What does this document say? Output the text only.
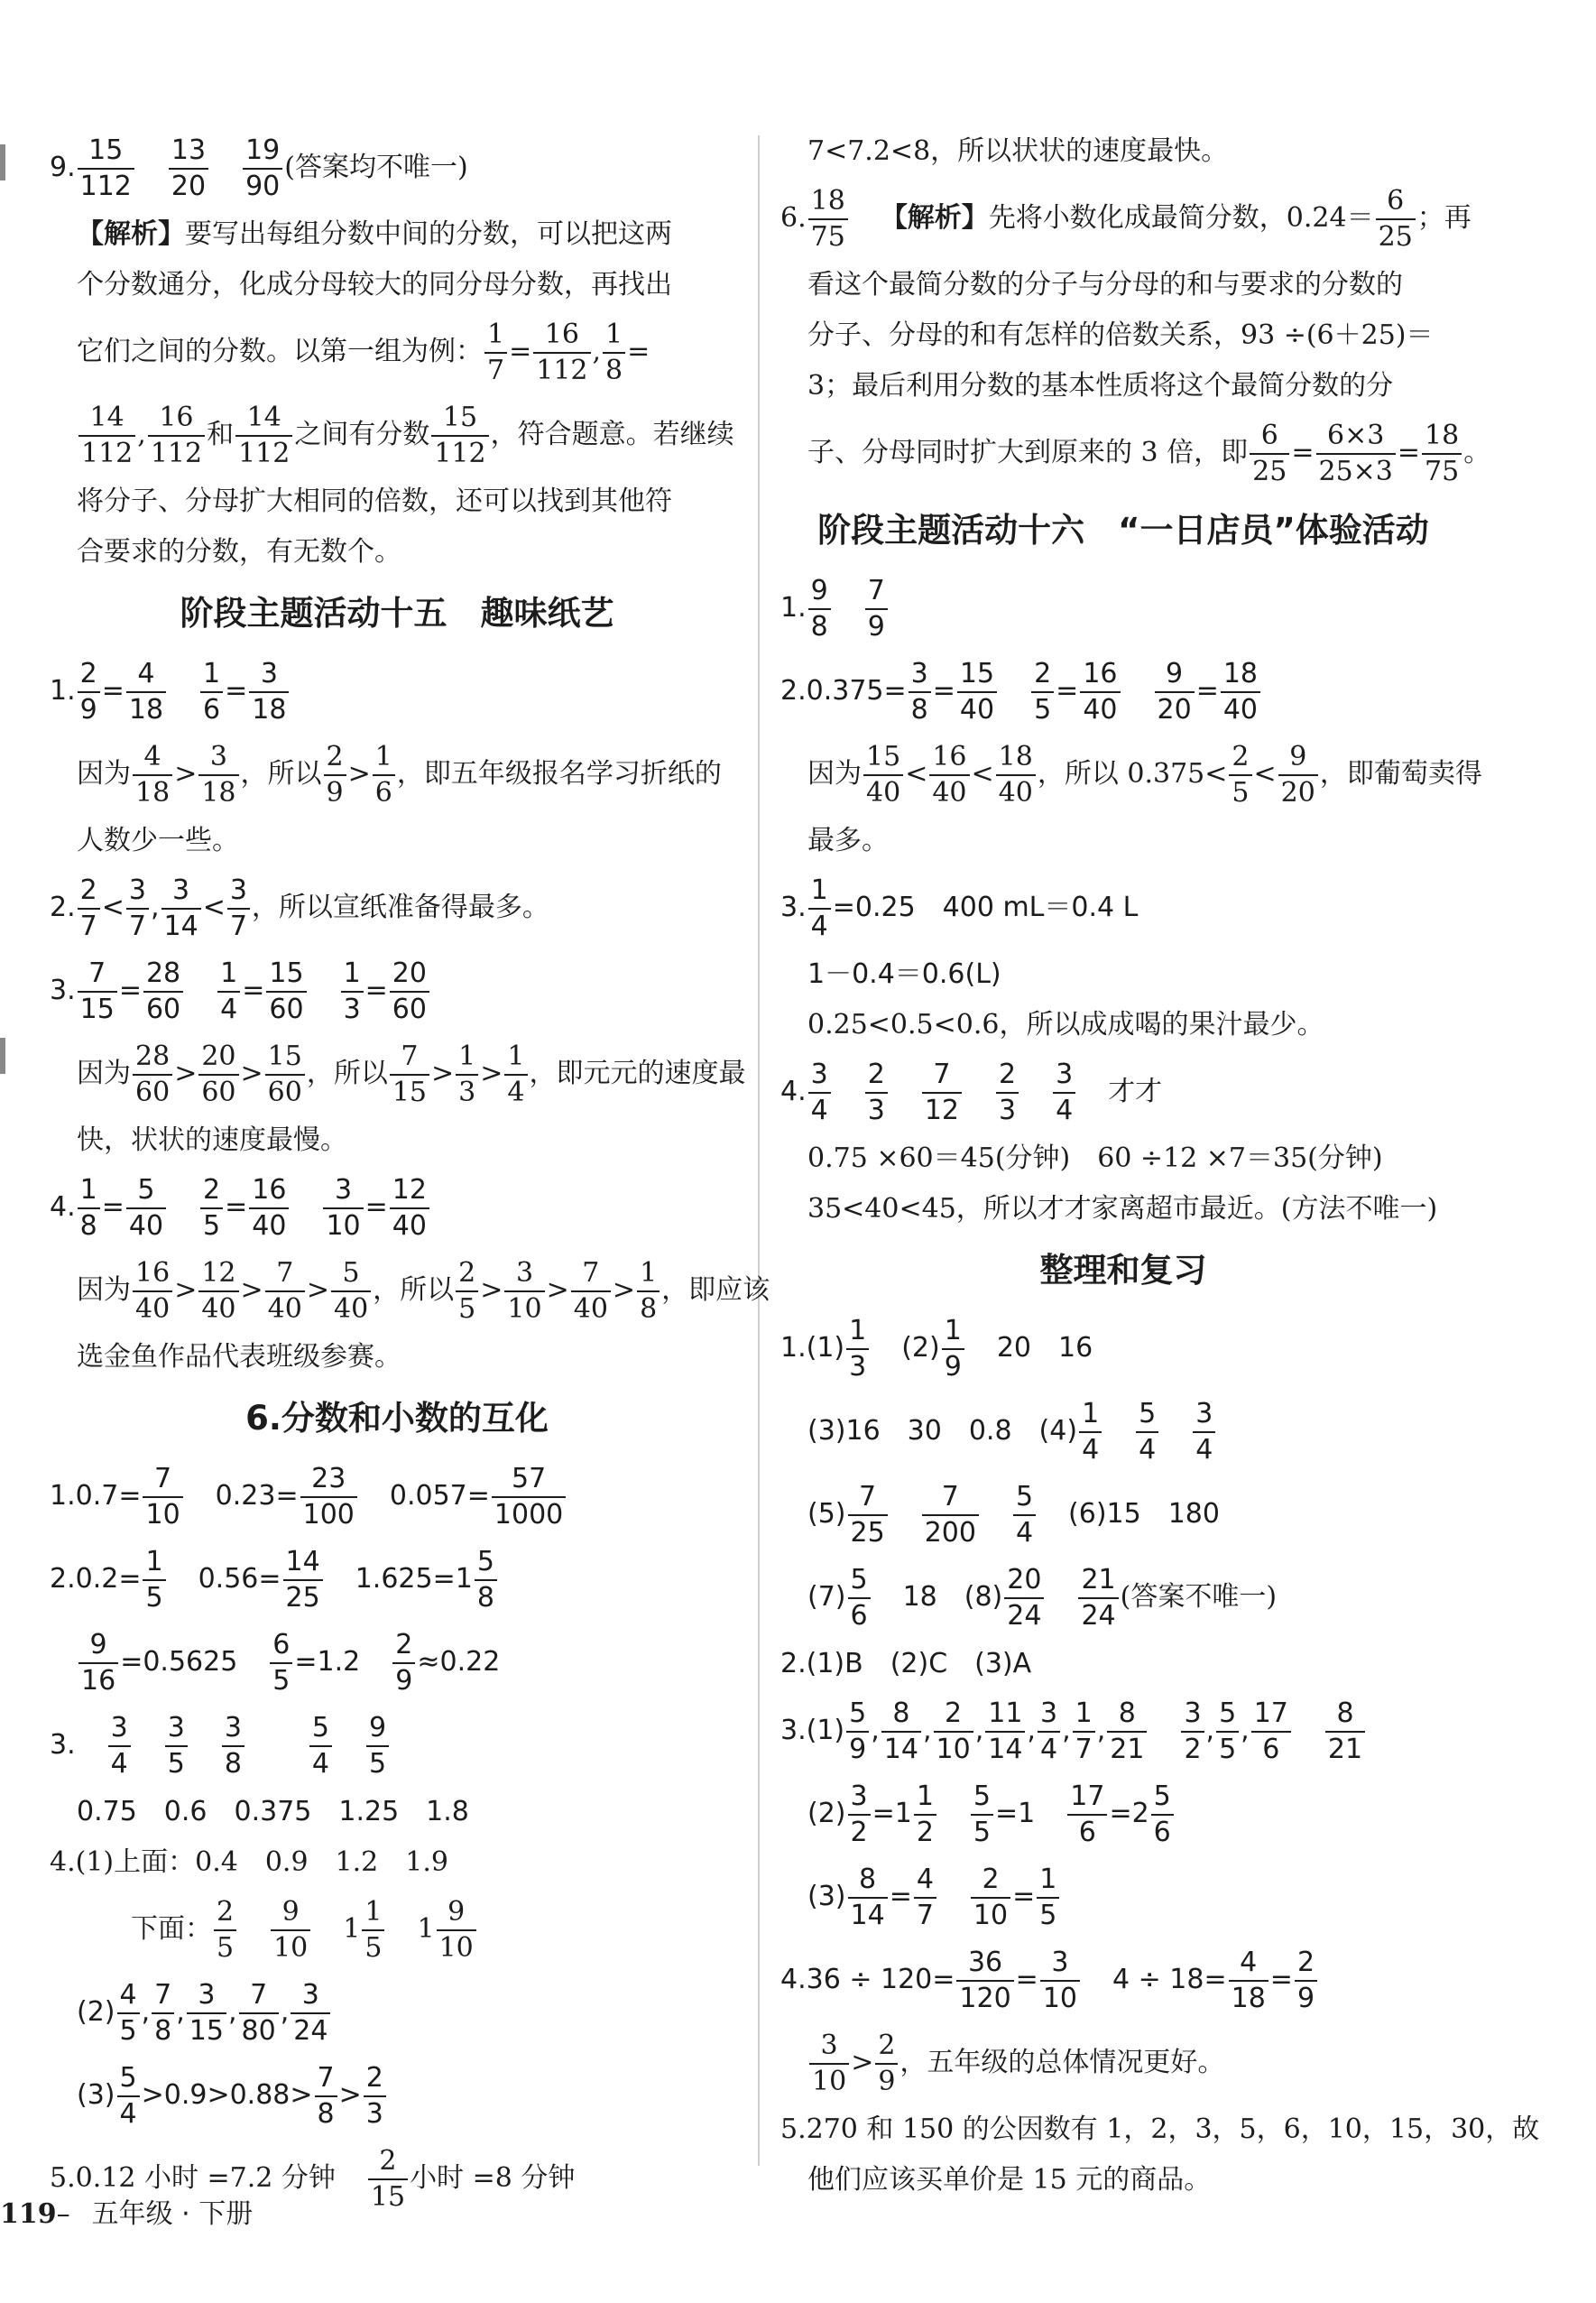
9. $\frac{15}{112} \frac{13}{20} \frac{19}{90}$ (答案均不唯一)
【解析】要写出每组分数中间的分数，可以把这两
个分数通分，化成分母较大的同分母分数，再找出
它们之间的分数。以第一组为例： $\frac{1}{7} = \frac{16}{112}$ , $\frac{1}{8}$ =
$\frac{14}{112}$ , $\frac{16}{112}$ 和 $\frac{14}{112}$ 之间有分数 $\frac{15}{112}$ ，符合题意。若继续
将分子、分母扩大相同的倍数，还可以找到其他符
合要求的分数，有无数个。
阶段主题活动十五　趣味纸艺
1. $\frac{2}{9} = \frac{4}{18} \frac{1}{6} = \frac{3}{18}$
因为 $\frac{4}{18} > \frac{3}{18}$ ，所以 $\frac{2}{9} > \frac{1}{6}$ ，即五年级报名学习折纸的
人数少一些。
2. $\frac{2}{7} < \frac{3}{7}$ , $\frac{3}{14} < \frac{3}{7}$ ，所以宣纸准备得最多。
3. $\frac{7}{15} = \frac{28}{60} \frac{1}{4} = \frac{15}{60} \frac{1}{3} = \frac{20}{60}$
因为 $\frac{28}{60} > \frac{20}{60} > \frac{15}{60}$ ，所以 $\frac{7}{15} > \frac{1}{3} > \frac{1}{4}$ ，即元元的速度最
快，状状的速度最慢。
4. $\frac{1}{8} = \frac{5}{40} \frac{2}{5} = \frac{16}{40} \frac{3}{10} = \frac{12}{40}$
因为 $\frac{16}{40} > \frac{12}{40} > \frac{7}{40} > \frac{5}{40}$ ，所以 $\frac{2}{5} > \frac{3}{10} > \frac{7}{40} > \frac{1}{8}$ ，即应该
选金鱼作品代表班级参赛。
6.分数和小数的互化
$1.0.7= \frac{7}{10} 0.23= \frac{23}{100} 0.057= \frac{57}{1000}$
$2.0.2= \frac{1}{5} 0.56= \frac{14}{25} 1.625=1 \frac{5}{8}$
$\frac{9}{16} =0.5625 \frac{6}{5} =1.2 \frac{2}{9} \approx 0.22$
3. $\frac{3}{4} \frac{3}{5} \frac{3}{8} \frac{5}{4} \frac{9}{5}$
0.75　0.6　0.375　1.25　1.8
4.(1)上面：0.4　0.9　1.2　1.9
下面： $\frac{2}{5} \frac{9}{10} 1 \frac{1}{5} 1 \frac{9}{10}$
$(2) \frac{4}{5}$ , $\frac{7}{8}$ , $\frac{3}{15}$ , $\frac{7}{80}$ , $\frac{3}{24}$
$(3) \frac{5}{4} >0.9>0.88> \frac{7}{8} > \frac{2}{3}$
5.0.12 小时 =7.2 分钟 $\frac{2}{15}$ 小时 =8 分钟
7<7.2<8，所以状状的速度最快。
6. $\frac{18}{75}$ 【解析】先将小数化成最简分数，$0.24= \frac{6}{25}$ ；再
看这个最简分数的分子与分母的和与要求的分数的
分子、分母的和有怎样的倍数关系，93 ÷(6＋25)＝
3；最后利用分数的基本性质将这个最简分数的分
子、分母同时扩大到原来的 3 倍，即 $\frac{6}{25} = \frac{6\times 3}{25\times 3} = \frac{18}{75}$ 。
阶段主题活动十六　“一日店员”体验活动
1. $\frac{9}{8} \frac{7}{9}$
$2.0.375= \frac{3}{8} = \frac{15}{40} \frac{2}{5} = \frac{16}{40} \frac{9}{20} = \frac{18}{40}$
因为 $\frac{15}{40} < \frac{16}{40} < \frac{18}{40}$ ，所以 $0.375< \frac{2}{5} < \frac{9}{20}$ ，即葡萄卖得
最多。
3. $\frac{1}{4} =0.25$　400 mL＝0.4 L
1－0.4＝0.6(L)
0.25<0.5<0.6，所以成成喝的果汁最少。
4. $\frac{3}{4} \frac{2}{3} \frac{7}{12} \frac{2}{3} \frac{3}{4}$ 才才
0.75 ×60＝45(分钟)　60 ÷12 ×7＝35(分钟)
35<40<45，所以才才家离超市最近。(方法不唯一)
整理和复习
$1.(1) \frac{1}{3} (2) \frac{1}{9} 20$　16
(3)16　30　0.8　$(4) \frac{1}{4} \frac{5}{4} \frac{3}{4}$
$(5) \frac{7}{25} \frac{7}{200} \frac{5}{4} (6)15$　180
$(7) \frac{5}{6} 18$　$(8) \frac{20}{24} \frac{21}{24}$ (答案不唯一)
2.(1)B　(2)C　(3)A
$3.(1) \frac{5}{9}$ , $\frac{8}{14}$ , $\frac{2}{10}$ , $\frac{11}{14}$ , $\frac{3}{4}$ , $\frac{1}{7}$ , $\frac{8}{21} \frac{3}{2}$ , $\frac{5}{5}$ , $\frac{17}{6} \frac{8}{21}$
$(2) \frac{3}{2} =1 \frac{1}{2} \frac{5}{5} =1 \frac{17}{6} =2 \frac{5}{6}$
$(3) \frac{8}{14} = \frac{4}{7} \frac{2}{10} = \frac{1}{5}$
$4.36 \div 120= \frac{36}{120} = \frac{3}{10} 4 \div 18= \frac{4}{18} = \frac{2}{9}$
$\frac{3}{10} > \frac{2}{9}$ ，五年级的总体情况更好。
5.270 和 150 的公因数有 1，2，3，5，6，10，15，30，故
他们应该买单价是 15 元的商品。
119– 五年级 · 下册
